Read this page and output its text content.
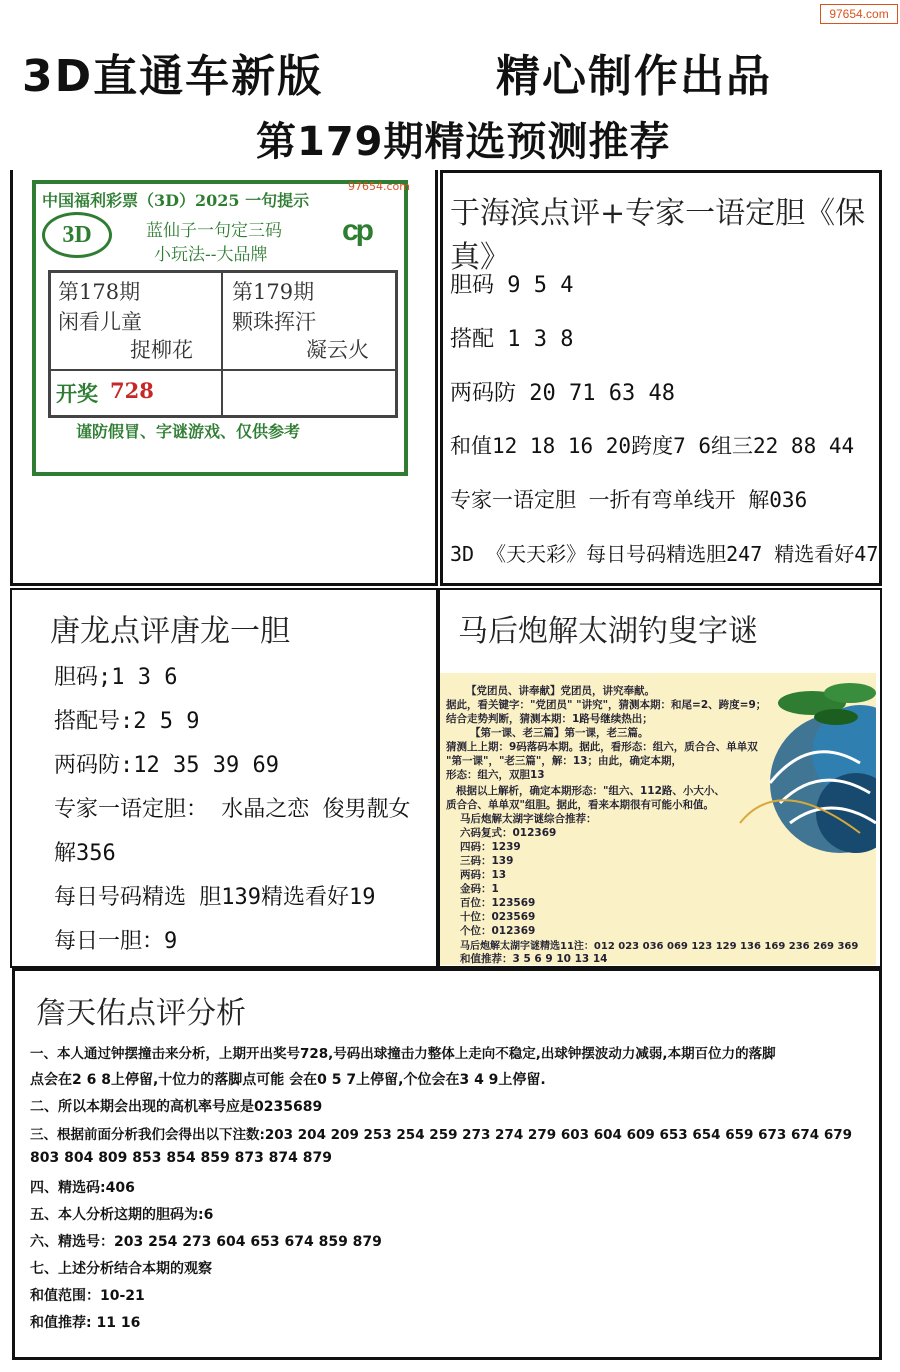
97654.com
3D直通车新版	精心制作出品
第179期精选预测推荐
中国福利彩票（3D）2025 一句提示
97654.com
3D	蓝仙子一句定三码
小玩法--大品牌
cp
第178期
闲看儿童
捉柳花
第179期
颗珠挥汗
凝云火
开奖 728
谨防假冒、字谜游戏、仅供参考
于海滨点评+专家一语定胆《保真》
胆码 9 5 4
搭配 1 3 8
两码防 20 71 63 48
和值12 18 16 20跨度7 6组三22 88 44
专家一语定胆 一折有弯单线开 解036
3D 《天天彩》每日号码精选胆247 精选看好47
唐龙点评唐龙一胆
胆码;1 3 6
搭配号:2 5 9
两码防:12 35 39 69
专家一语定胆： 水晶之恋 俊男靓女
解356
每日号码精选 胆139精选看好19
每日一胆：9
马后炮解太湖钓叟字谜
【党团员、讲奉献】党团员，讲究奉献。
据此，看关键字："党团员" "讲究"，猜测本期：和尾=2、跨度=9；
结合走势判断，猜测本期：1路号继续热出；
【第一课、老三篇】第一课，老三篇。
猜测上上期：9码落码本期。据此，看形态：组六，质合合、单单双
"第一课"，"老三篇"，解：13；由此，确定本期，
形态：组六，双胆13
根据以上解析，确定本期形态："组六、112路、小大小、
质合合、单单双"组胆。据此，看来本期很有可能小和值。
马后炮解太湖字谜综合推荐：
六码复式：012369
四码：1239
三码：139
两码：13
金码：1
百位：123569
十位：023569
个位：012369
马后炮解太湖字谜精选11注：012 023 036 069 123 129 136 169 236 269 369
和值推荐：3 5 6 9 10 13 14
詹天佑点评分析
一、本人通过钟摆撞击来分析，上期开出奖号728,号码出球撞击力整体上走向不稳定,出球钟摆波动力减弱,本期百位力的落脚
点会在2 6 8上停留,十位力的落脚点可能 会在0 5 7上停留,个位会在3 4 9上停留.
二、所以本期会出现的高机率号应是0235689
三、根据前面分析我们会得出以下注数:203 204 209 253 254 259 273 274 279 603 604 609 653 654 659 673 674 679
803 804 809 853 854 859 873 874 879
四、精选码:406
五、本人分析这期的胆码为:6
六、精选号：203 254 273 604 653 674 859 879
七、上述分析结合本期的观察
和值范围：10-21
和值推荐: 11 16
